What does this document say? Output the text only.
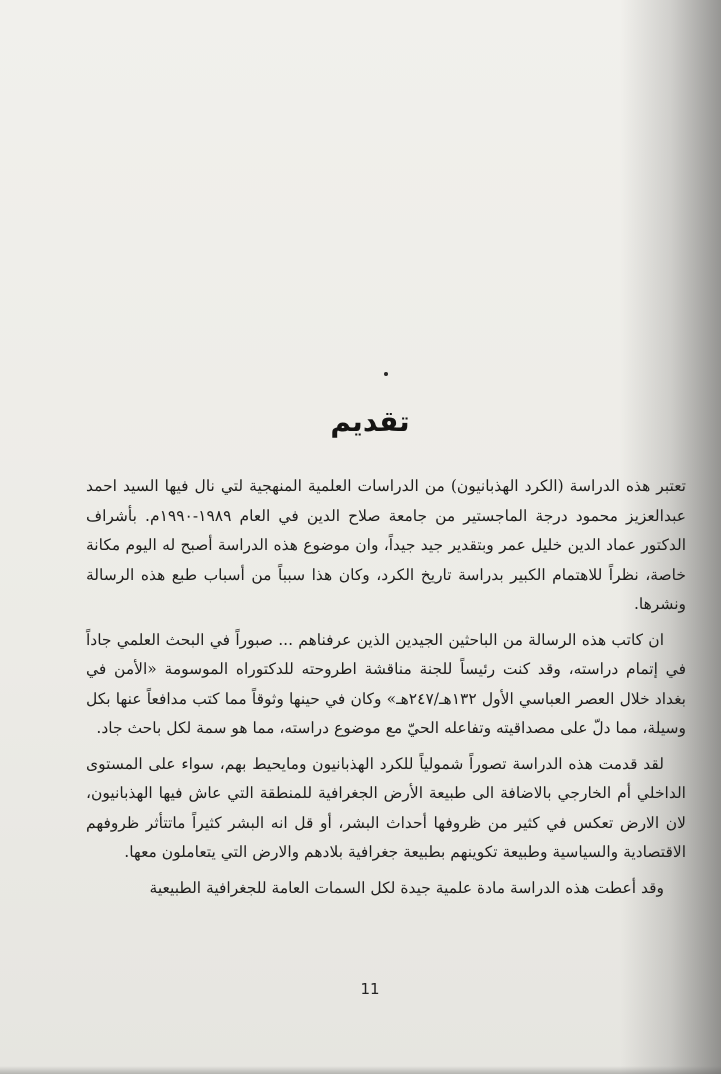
تقديم

تعتبر هذه الدراسة (الكرد الهذبانيون) من الدراسات العلمية المنهجية لتي نال فيها السيد احمد عبدالعزيز محمود درجة الماجستير من جامعة صلاح الدين في العام ١٩٨٩-١٩٩٠م. بأشراف الدكتور عماد الدين خليل عمر وبتقدير جيد جيداً، وان موضوع هذه الدراسة أصبح له اليوم مكانة خاصة، نظراً للاهتمام الكبير بدراسة تاريخ الكرد، وكان هذا سبباً من أسباب طبع هذه الرسالة ونشرها.

ان كاتب هذه الرسالة من الباحثين الجيدين الذين عرفناهم ... صبوراً في البحث العلمي جاداً في إتمام دراسته، وقد كنت رئيساً للجنة مناقشة اطروحته للدكتوراه الموسومة «الأمن في بغداد خلال العصر العباسي الأول ١٣٢هـ/٢٤٧هـ» وكان في حينها وثوقاً مما كتب مدافعاً عنها بكل وسيلة، مما دلّ على مصداقيته وتفاعله الحيّ مع موضوع دراسته، مما هو سمة لكل باحث جاد.

لقد قدمت هذه الدراسة تصوراً شمولياً للكرد الهذبانيون ومايحيط بهم، سواء على المستوى الداخلي أم الخارجي بالاضافة الى طبيعة الأرض الجغرافية للمنطقة التي عاش فيها الهذبانيون، لان الارض تعكس في كثير من ظروفها أحداث البشر، أو قل انه البشر كثيراً ماتتأثر ظروفهم الاقتصادية والسياسية وطبيعة تكوينهم بطبيعة جغرافية بلادهم والارض التي يتعاملون معها.

وقد أعطت هذه الدراسة مادة علمية جيدة لكل السمات العامة للجغرافية الطبيعية

11
